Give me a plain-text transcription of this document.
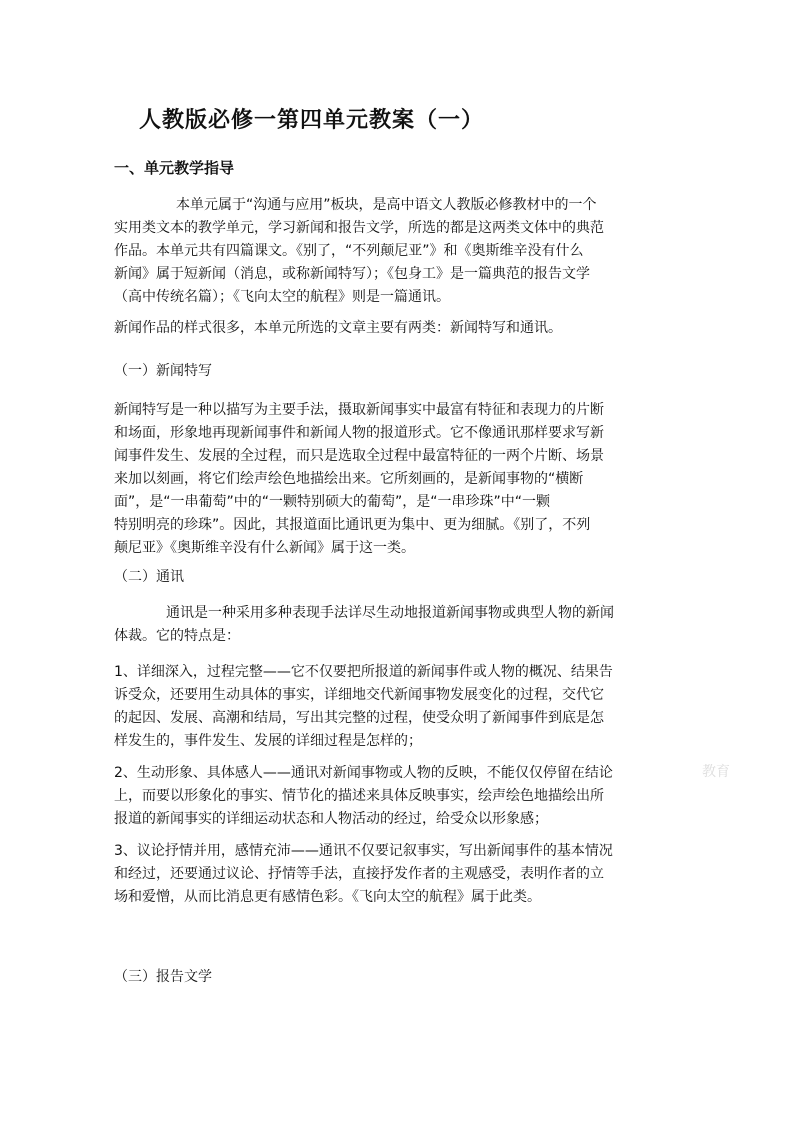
人教版必修一第四单元教案（一）
一、单元教学指导
本单元属于“沟通与应用”板块，是高中语文人教版必修教材中的一个
实用类文本的教学单元，学习新闻和报告文学，所选的都是这两类文体中的典范
作品。本单元共有四篇课文。《别了，“不列颠尼亚”》和《奥斯维辛没有什么
新闻》属于短新闻（消息，或称新闻特写）；《包身工》是一篇典范的报告文学
（高中传统名篇）；《飞向太空的航程》则是一篇通讯。
新闻作品的样式很多，本单元所选的文章主要有两类：新闻特写和通讯。
（一）新闻特写
新闻特写是一种以描写为主要手法，摄取新闻事实中最富有特征和表现力的片断
和场面，形象地再现新闻事件和新闻人物的报道形式。它不像通讯那样要求写新
闻事件发生、发展的全过程，而只是选取全过程中最富特征的一两个片断、场景
来加以刻画，将它们绘声绘色地描绘出来。它所刻画的，是新闻事物的“横断
面”，是“一串葡萄”中的“一颗特别硕大的葡萄”，是“一串珍珠”中“一颗
特别明亮的珍珠”。因此，其报道面比通讯更为集中、更为细腻。《别了，不列
颠尼亚》《奥斯维辛没有什么新闻》属于这一类。
（二）通讯
通讯是一种采用多种表现手法详尽生动地报道新闻事物或典型人物的新闻
体裁。它的特点是：
1、详细深入，过程完整——它不仅要把所报道的新闻事件或人物的概况、结果告
诉受众，还要用生动具体的事实，详细地交代新闻事物发展变化的过程，交代它
的起因、发展、高潮和结局，写出其完整的过程，使受众明了新闻事件到底是怎
样发生的，事件发生、发展的详细过程是怎样的；
2、生动形象、具体感人——通讯对新闻事物或人物的反映，不能仅仅停留在结论
上，而要以形象化的事实、情节化的描述来具体反映事实，绘声绘色地描绘出所
报道的新闻事实的详细运动状态和人物活动的经过，给受众以形象感；
3、议论抒情并用，感情充沛——通讯不仅要记叙事实，写出新闻事件的基本情况
和经过，还要通过议论、抒情等手法，直接抒发作者的主观感受，表明作者的立
场和爱憎，从而比消息更有感情色彩。《飞向太空的航程》属于此类。
（三）报告文学
教育
